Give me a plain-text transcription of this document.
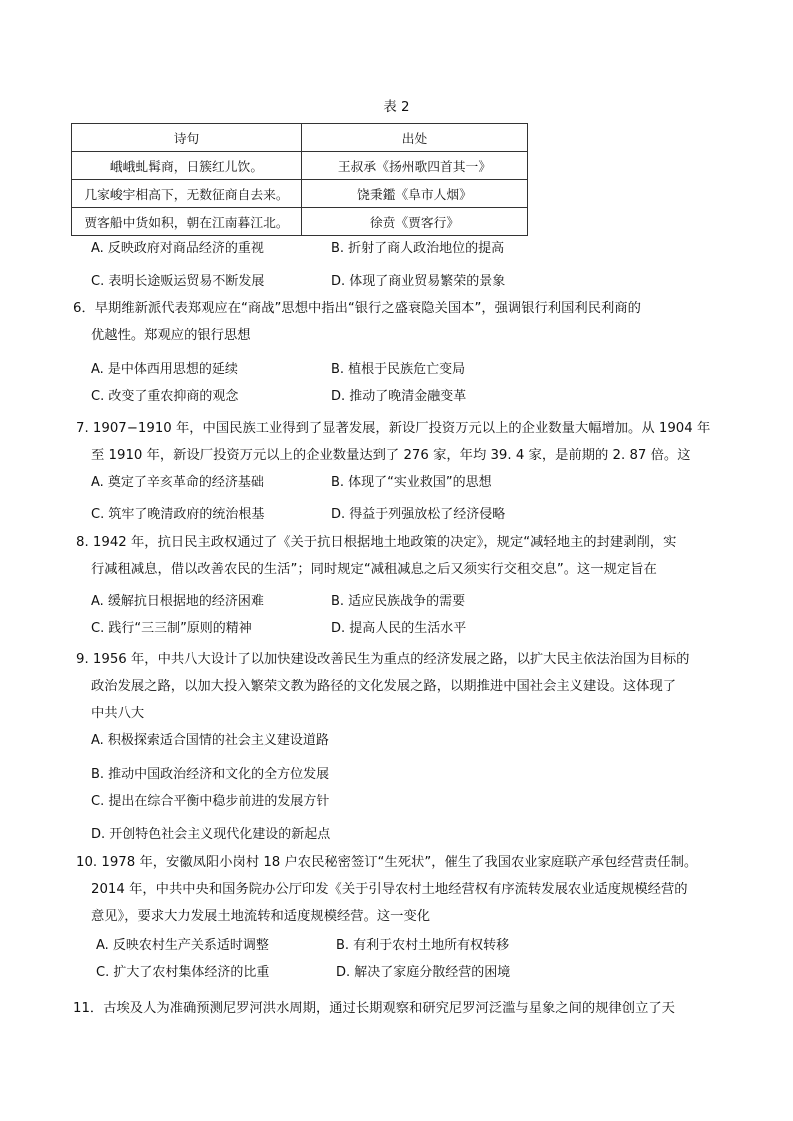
表 2
诗句	出处
峨峨虬髯商，日簇红儿饮。	王叔承《扬州歌四首其一》
几家峻宇相高下，无数征商自去来。	饶秉鑑《阜市人烟》
贾客船中货如积，朝在江南暮江北。	徐贲《贾客行》
A. 反映政府对商品经济的重视	B. 折射了商人政治地位的提高
C. 表明长途贩运贸易不断发展	D. 体现了商业贸易繁荣的景象
6．早期维新派代表郑观应在“商战”思想中指出“银行之盛衰隐关国本”，强调银行利国利民利商的
优越性。郑观应的银行思想
A. 是中体西用思想的延续	B. 植根于民族危亡变局
C. 改变了重农抑商的观念	D. 推动了晚清金融变革
7. 1907−1910 年，中国民族工业得到了显著发展，新设厂投资万元以上的企业数量大幅增加。从 1904 年
至 1910 年，新设厂投资万元以上的企业数量达到了 276 家，年均 39. 4 家，是前期的 2. 87 倍。这
A. 奠定了辛亥革命的经济基础	B. 体现了“实业救国”的思想
C. 筑牢了晚清政府的统治根基	D. 得益于列强放松了经济侵略
8. 1942 年，抗日民主政权通过了《关于抗日根据地土地政策的决定》，规定“减轻地主的封建剥削，实
行减租减息，借以改善农民的生活”；同时规定“减租减息之后又须实行交租交息”。这一规定旨在
A. 缓解抗日根据地的经济困难	B. 适应民族战争的需要
C. 践行“三三制”原则的精神	D. 提高人民的生活水平
9. 1956 年，中共八大设计了以加快建设改善民生为重点的经济发展之路，以扩大民主依法治国为目标的
政治发展之路，以加大投入繁荣文教为路径的文化发展之路，以期推进中国社会主义建设。这体现了
中共八大
A. 积极探索适合国情的社会主义建设道路
B. 推动中国政治经济和文化的全方位发展
C. 提出在综合平衡中稳步前进的发展方针
D. 开创特色社会主义现代化建设的新起点
10. 1978 年，安徽凤阳小岗村 18 户农民秘密签订“生死状”，催生了我国农业家庭联产承包经营责任制。
2014 年，中共中央和国务院办公厅印发《关于引导农村土地经营权有序流转发展农业适度规模经营的
意见》，要求大力发展土地流转和适度规模经营。这一变化
A. 反映农村生产关系适时调整	B. 有利于农村土地所有权转移
C. 扩大了农村集体经济的比重	D. 解决了家庭分散经营的困境
11．古埃及人为准确预测尼罗河洪水周期，通过长期观察和研究尼罗河泛滥与星象之间的规律创立了天
